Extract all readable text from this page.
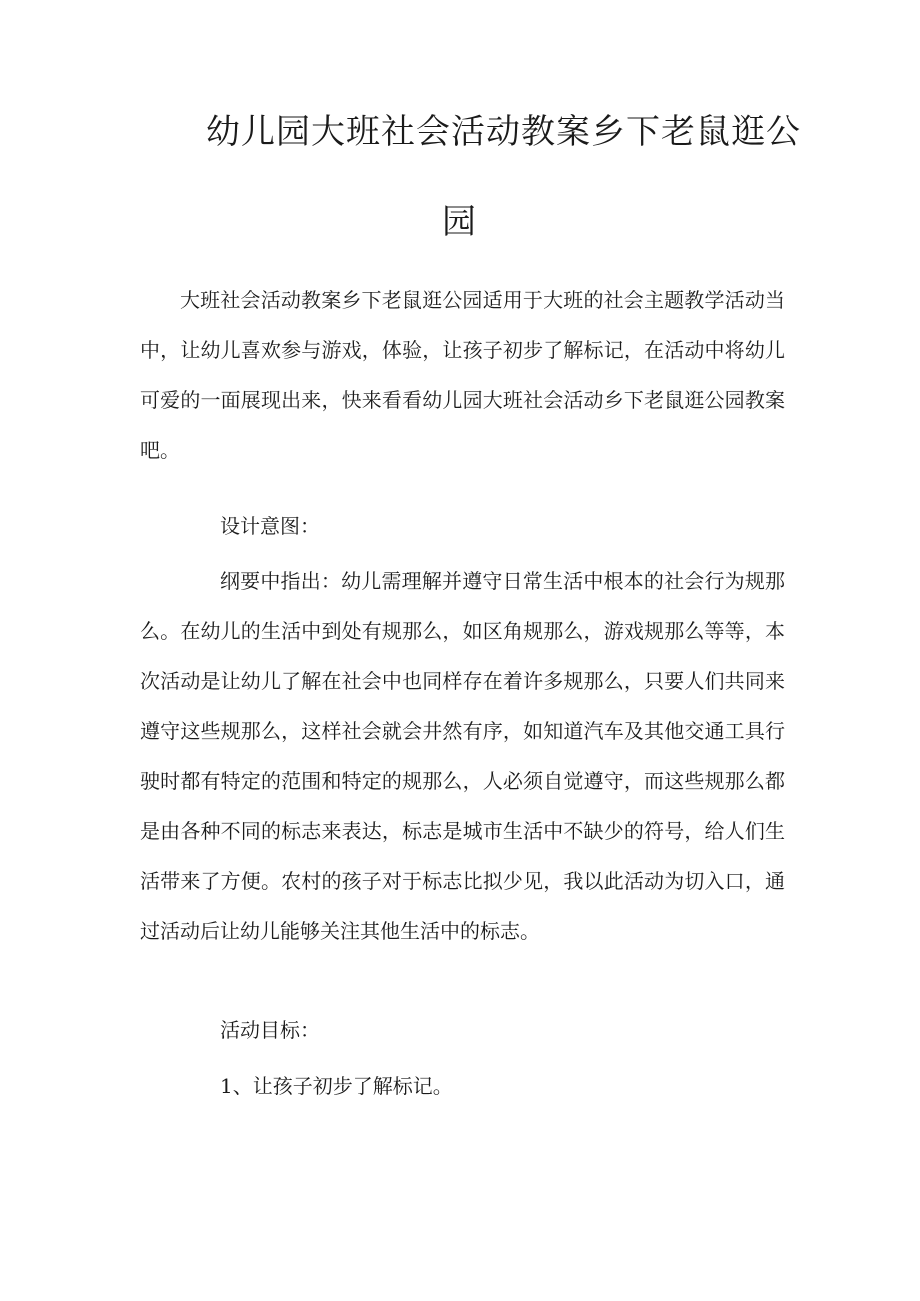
幼儿园大班社会活动教案乡下老鼠逛公
园

大班社会活动教案乡下老鼠逛公园适用于大班的社会主题教学活动当中，让幼儿喜欢参与游戏，体验，让孩子初步了解标记，在活动中将幼儿可爱的一面展现出来，快来看看幼儿园大班社会活动乡下老鼠逛公园教案吧。

设计意图：

纲要中指出：幼儿需理解并遵守日常生活中根本的社会行为规那么。在幼儿的生活中到处有规那么，如区角规那么，游戏规那么等等，本次活动是让幼儿了解在社会中也同样存在着许多规那么，只要人们共同来遵守这些规那么，这样社会就会井然有序，如知道汽车及其他交通工具行驶时都有特定的范围和特定的规那么，人必须自觉遵守，而这些规那么都是由各种不同的标志来表达，标志是城市生活中不缺少的符号，给人们生活带来了方便。农村的孩子对于标志比拟少见，我以此活动为切入口，通过活动后让幼儿能够关注其他生活中的标志。

活动目标：

1、让孩子初步了解标记。
